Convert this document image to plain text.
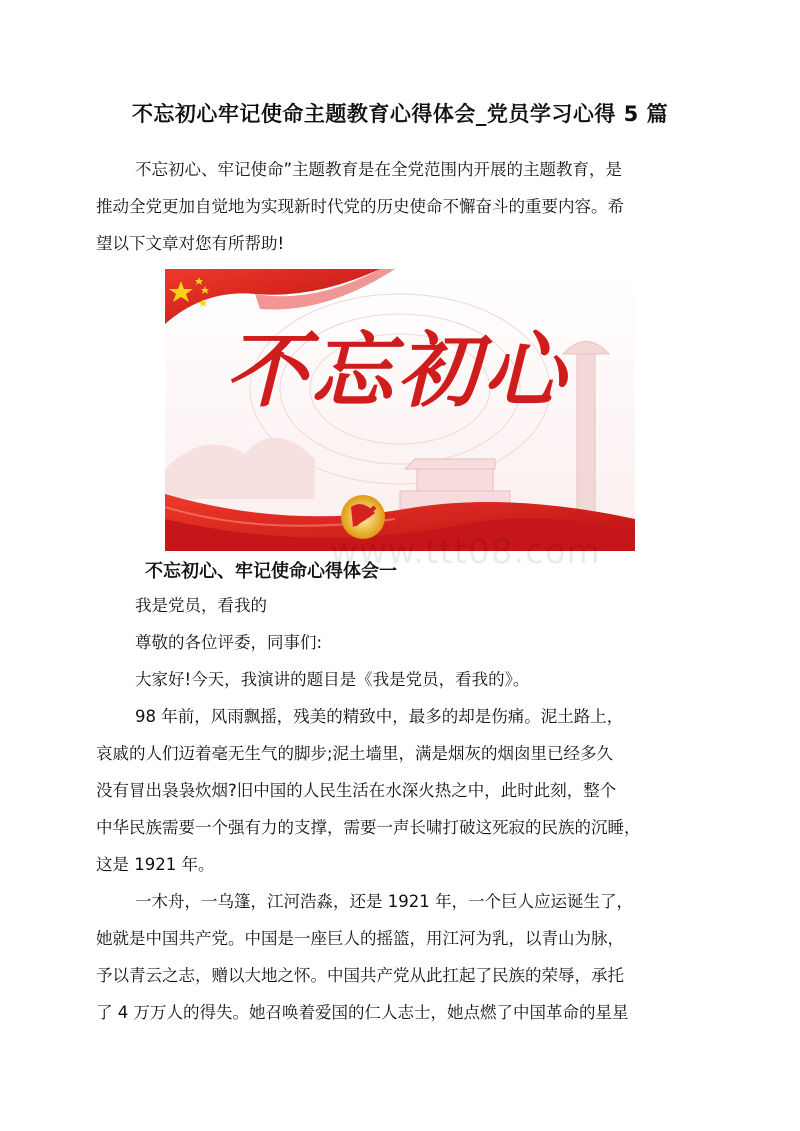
不忘初心牢记使命主题教育心得体会_党员学习心得 5 篇
不忘初心、牢记使命”主题教育是在全党范围内开展的主题教育，是
推动全党更加自觉地为实现新时代党的历史使命不懈奋斗的重要内容。希
望以下文章对您有所帮助!
不忘初心
www.ttt08.com
不忘初心、牢记使命心得体会一
我是党员，看我的
尊敬的各位评委，同事们:
大家好!今天，我演讲的题目是《我是党员，看我的》。
98 年前，风雨飘摇，残美的精致中，最多的却是伤痛。泥土路上，
哀戚的人们迈着毫无生气的脚步;泥土墙里，满是烟灰的烟囱里已经多久
没有冒出袅袅炊烟?旧中国的人民生活在水深火热之中，此时此刻，整个
中华民族需要一个强有力的支撑，需要一声长啸打破这死寂的民族的沉睡，
这是 1921 年。
一木舟，一乌篷，江河浩淼，还是 1921 年，一个巨人应运诞生了，
她就是中国共产党。中国是一座巨人的摇篮，用江河为乳，以青山为脉，
予以青云之志，赠以大地之怀。中国共产党从此扛起了民族的荣辱，承托
了 4 万万人的得失。她召唤着爱国的仁人志士，她点燃了中国革命的星星
